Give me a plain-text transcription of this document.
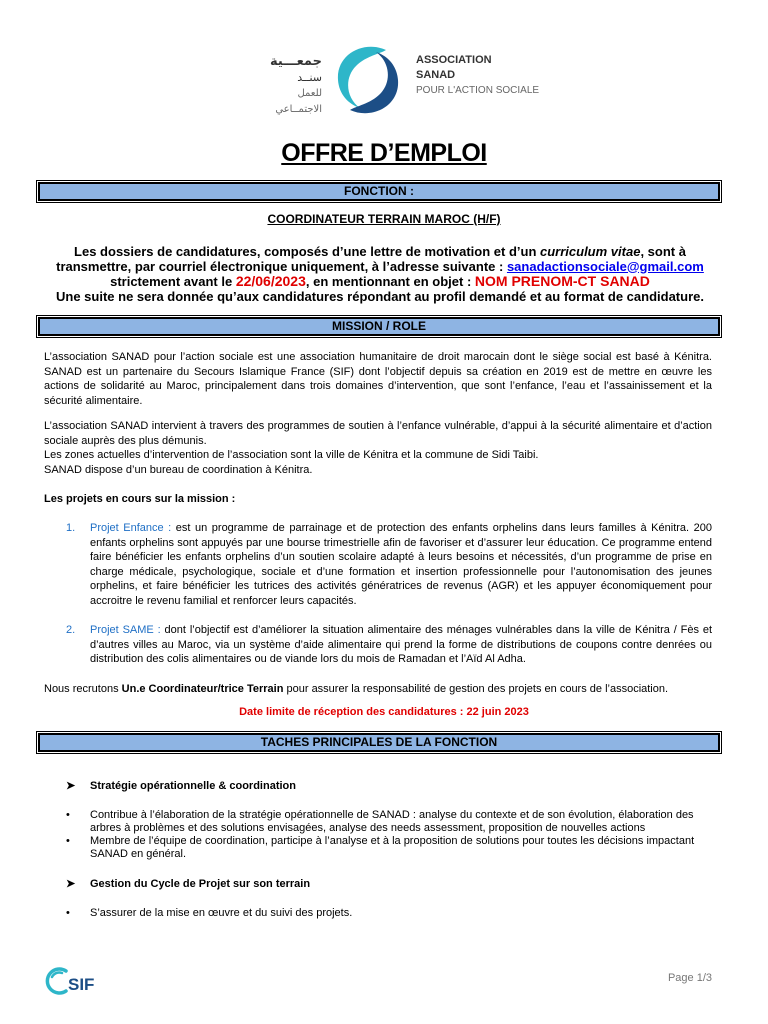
جمعـــية
سنــد
للعمل الاجتمــاعي
ASSOCIATION
SANAD
POUR L'ACTION SOCIALE
OFFRE D’EMPLOI
FONCTION :
COORDINATEUR TERRAIN MAROC (H/F)
Les dossiers de candidatures, composés d’une lettre de motivation et d’un curriculum vitae, sont à transmettre, par courriel électronique uniquement, à l’adresse suivante : sanadactionsociale@gmail.com
strictement avant le 22/06/2023, en mentionnant en objet : NOM PRENOM-CT SANAD
Une suite ne sera donnée qu’aux candidatures répondant au profil demandé et au format de candidature.
MISSION / ROLE

L’association SANAD pour l’action sociale est une association humanitaire de droit marocain dont le siège social est basé à Kénitra. SANAD est un partenaire du Secours Islamique France (SIF) dont l’objectif depuis sa création en 2019 est de mettre en œuvre les actions de solidarité au Maroc, principalement dans trois domaines d’intervention, que sont l’enfance, l’eau et l’assainissement et la sécurité alimentaire.

L’association SANAD intervient à travers des programmes de soutien à l’enfance vulnérable, d’appui à la sécurité alimentaire et d’action sociale auprès des plus démunis.

Les zones actuelles d’intervention de l’association sont la ville de Kénitra et la commune de Sidi Taibi.

SANAD dispose d’un bureau de coordination à Kénitra.

Les projets en cours sur la mission :
1. Projet Enfance : est un programme de parrainage et de protection des enfants orphelins dans leurs familles à Kénitra. 200 enfants orphelins sont appuyés par une bourse trimestrielle afin de favoriser et d’assurer leur éducation. Ce programme entend faire bénéficier les enfants orphelins d’un soutien scolaire adapté à leurs besoins et nécessités, d’un programme de prise en charge médicale, psychologique, sociale et d’une formation et insertion professionnelle pour l’autonomisation des jeunes orphelins, et faire bénéficier les tutrices des activités génératrices de revenus (AGR) et les appuyer économiquement pour accroitre le revenu familial et renforcer leurs capacités.
2. Projet SAME : dont l’objectif est d’améliorer la situation alimentaire des ménages vulnérables dans la ville de Kénitra / Fès et d’autres villes au Maroc, via un système d’aide alimentaire qui prend la forme de distributions de coupons contre denrées ou distribution des colis alimentaires ou de viande lors du mois de Ramadan et l’Aïd Al Adha.
Nous recrutons Un.e Coordinateur/trice Terrain pour assurer la responsabilité de gestion des projets en cours de l’association.
Date limite de réception des candidatures : 22 juin 2023
TACHES PRINCIPALES DE LA FONCTION
➤ Stratégie opérationnelle & coordination
• Contribue à l’élaboration de la stratégie opérationnelle de SANAD : analyse du contexte et de son évolution, élaboration des arbres à problèmes et des solutions envisagées, analyse des needs assessment, proposition de nouvelles actions
• Membre de l’équipe de coordination, participe à l’analyse et à la proposition de solutions pour toutes les décisions impactant SANAD en général.
➤ Gestion du Cycle de Projet sur son terrain
• S’assurer de la mise en œuvre et du suivi des projets.
SIF	Page 1/3
